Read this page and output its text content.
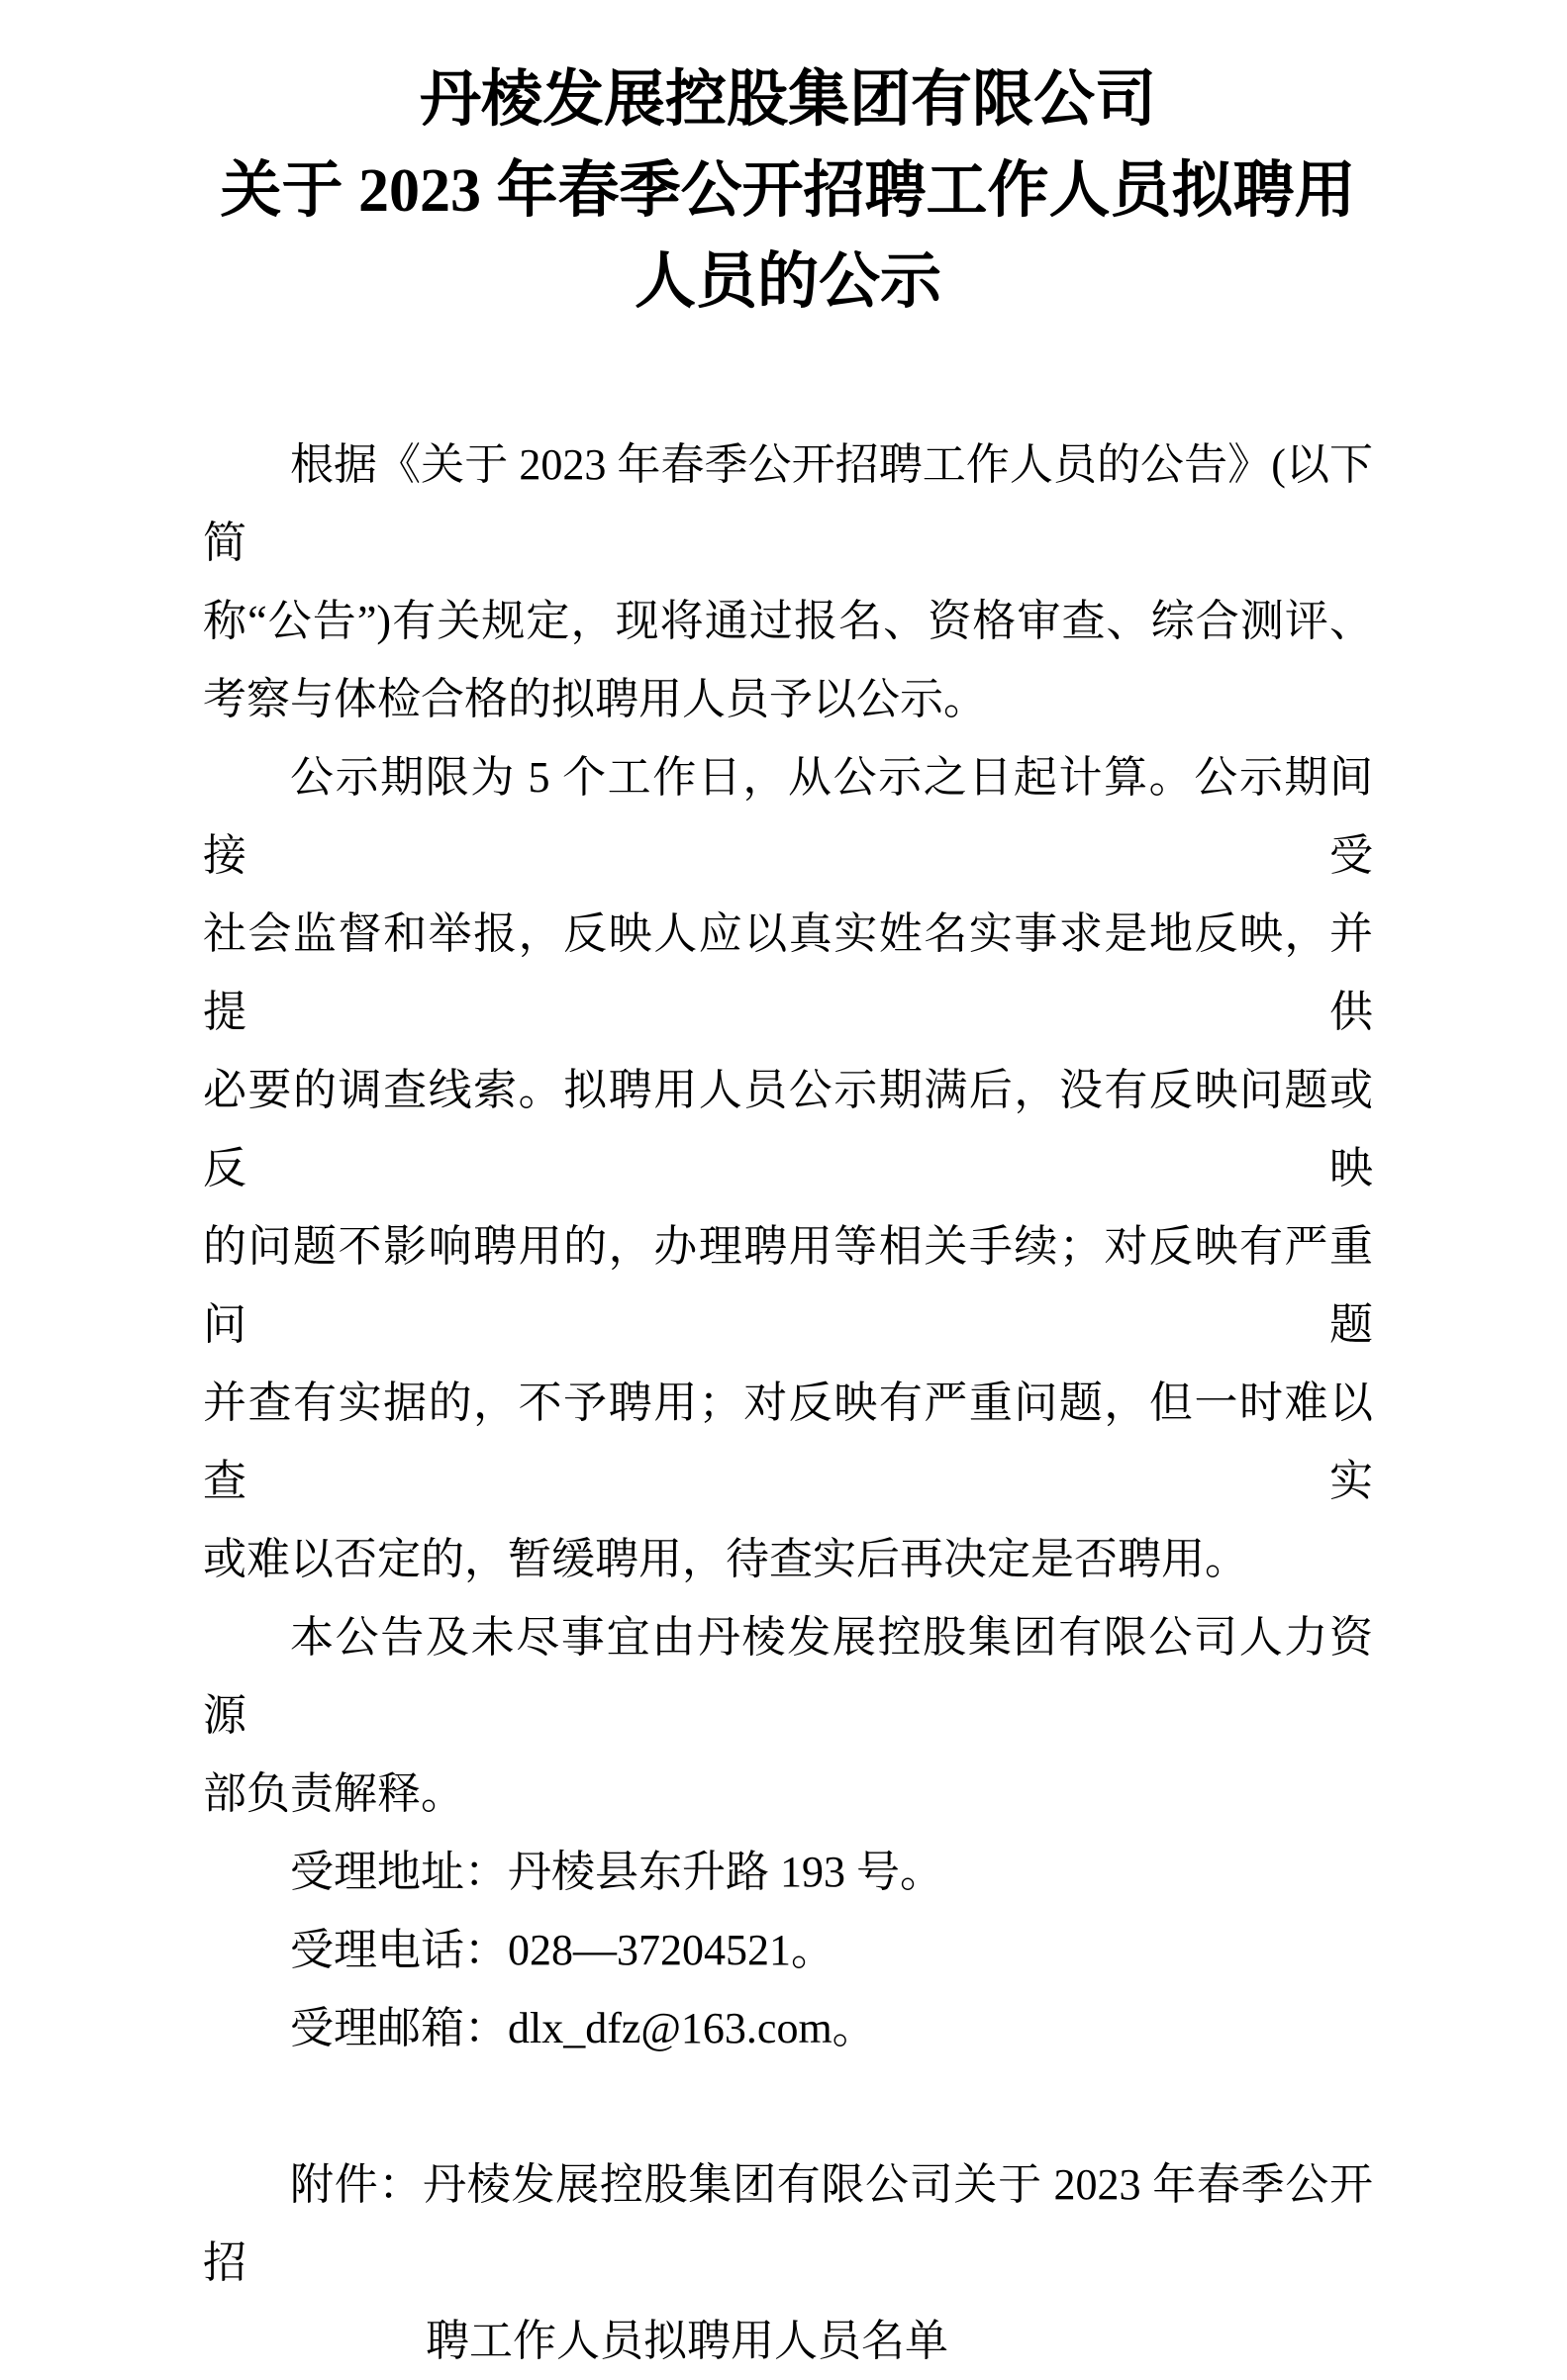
丹棱发展控股集团有限公司
关于 2023 年春季公开招聘工作人员拟聘用
人员的公示
根据《关于 2023 年春季公开招聘工作人员的公告》(以下简
称“公告”)有关规定，现将通过报名、资格审查、综合测评、
考察与体检合格的拟聘用人员予以公示。
公示期限为 5 个工作日，从公示之日起计算。公示期间接受
社会监督和举报，反映人应以真实姓名实事求是地反映，并提供
必要的调查线索。拟聘用人员公示期满后，没有反映问题或反映
的问题不影响聘用的，办理聘用等相关手续；对反映有严重问题
并查有实据的，不予聘用；对反映有严重问题，但一时难以查实
或难以否定的，暂缓聘用，待查实后再决定是否聘用。
本公告及未尽事宜由丹棱发展控股集团有限公司人力资源
部负责解释。
受理地址：丹棱县东升路 193 号。
受理电话：028—37204521。
受理邮箱：dlx_dfz@163.com。
附件：丹棱发展控股集团有限公司关于 2023 年春季公开招
聘工作人员拟聘用人员名单
